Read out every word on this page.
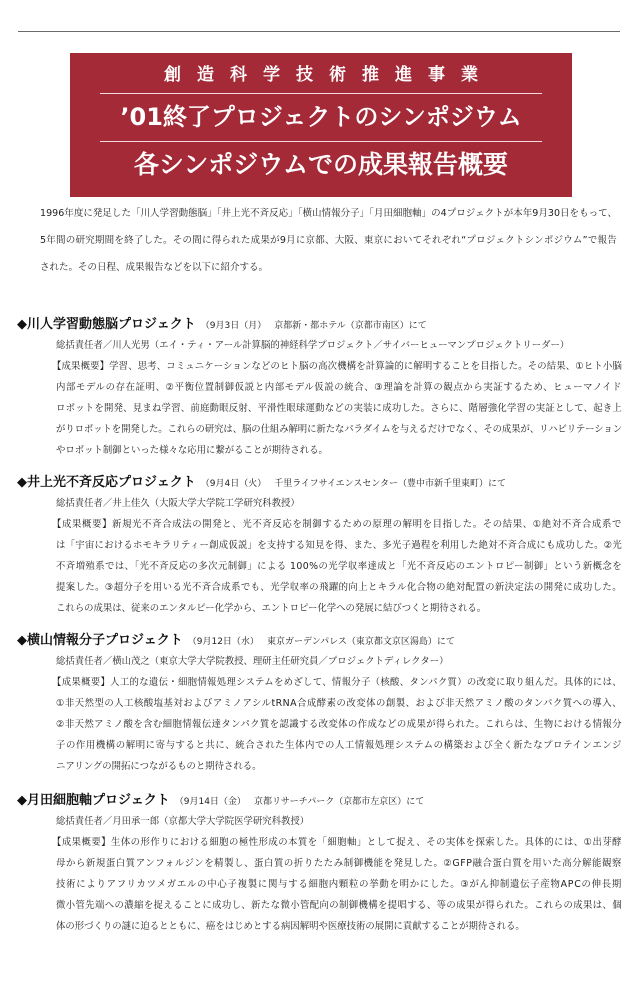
創造科学技術推進事業
’01終了プロジェクトのシンポジウム
各シンポジウムでの成果報告概要
1996年度に発足した「川人学習動態脳」「井上光不斉反応」「横山情報分子」「月田細胞軸」の4プロジェクトが本年9月30日をもって、
5年間の研究期間を終了した。その間に得られた成果が9月に京都、大阪、東京においてそれぞれ“プロジェクトシンポジウム”で報告
された。その日程、成果報告などを以下に紹介する。
◆川人学習動態脳プロジェクト （9月3日（月） 京都新・都ホテル（京都市南区）にて
総括責任者／川人光男（エイ・ティ・アール計算脳的神経科学プロジェクト／サイバーヒューマンプロジェクトリーダー）
【成果概要】学習、思考、コミュニケーションなどのヒト脳の高次機構を計算論的に解明することを目指した。その結果、①ヒト小脳
内部モデルの存在証明、②平衡位置制御仮説と内部モデル仮説の統合、③理論を計算の観点から実証するため、ヒューマノイド
ロボットを開発、見まね学習、前庭動眼反射、平滑性眼球運動などの実装に成功した。さらに、階層強化学習の実証として、起き上
がりロボットを開発した。これらの研究は、脳の仕組み解明に新たなパラダイムを与えるだけでなく、その成果が、リハビリテーション
やロボット制御といった様々な応用に繋がることが期待される。
◆井上光不斉反応プロジェクト （9月4日（火） 千里ライフサイエンスセンター（豊中市新千里東町）にて
総括責任者／井上佳久（大阪大学大学院工学研究科教授）
【成果概要】新規光不斉合成法の開発と、光不斉反応を制御するための原理の解明を目指した。その結果、①絶対不斉合成系で
は「宇宙におけるホモキラリティー創成仮説」を支持する知見を得、また、多光子過程を利用した絶対不斉合成にも成功した。②光
不斉増殖系では、「光不斉反応の多次元制御」による 100%の光学収率達成と「光不斉反応のエントロピー制御」という新概念を
提案した。③超分子を用いる光不斉合成系でも、光学収率の飛躍的向上とキラル化合物の絶対配置の新決定法の開発に成功した。
これらの成果は、従来のエンタルピー化学から、エントロピー化学への発展に結びつくと期待される。
◆横山情報分子プロジェクト （9月12日（水） 東京ガーデンパレス（東京都文京区湯島）にて
総括責任者／横山茂之（東京大学大学院教授、理研主任研究員／プロジェクトディレクター）
【成果概要】人工的な遺伝・細胞情報処理システムをめざして、情報分子（核酸、タンパク質）の改変に取り組んだ。具体的には、
①非天然型の人工核酸塩基対およびアミノアシルtRNA合成酵素の改変体の創製、および非天然アミノ酸のタンパク質への導入、
②非天然アミノ酸を含む細胞情報伝達タンパク質を認識する改変体の作成などの成果が得られた。これらは、生物における情報分
子の作用機構の解明に寄与すると共に、統合された生体内での人工情報処理システムの構築および全く新たなプロテインエンジ
ニアリングの開拓につながるものと期待される。
◆月田細胞軸プロジェクト （9月14日（金） 京都リサーチパーク（京都市左京区）にて
総括責任者／月田承一郎（京都大学大学院医学研究科教授）
【成果概要】生体の形作りにおける細胞の極性形成の本質を「細胞軸」として捉え、その実体を探索した。具体的には、①出芽酵
母から新規蛋白質アンフォルジンを精製し、蛋白質の折りたたみ制御機能を発見した。②GFP融合蛋白質を用いた高分解能観察
技術によりアフリカツメガエルの中心子複製に関与する細胞内顆粒の挙動を明かにした。③がん抑制遺伝子産物APCの伸長期
微小管先端への濃縮を捉えることに成功し、新たな微小管配向の制御機構を提唱する、等の成果が得られた。これらの成果は、個
体の形づくりの謎に迫るとともに、癌をはじめとする病因解明や医療技術の展開に貢献することが期待される。
